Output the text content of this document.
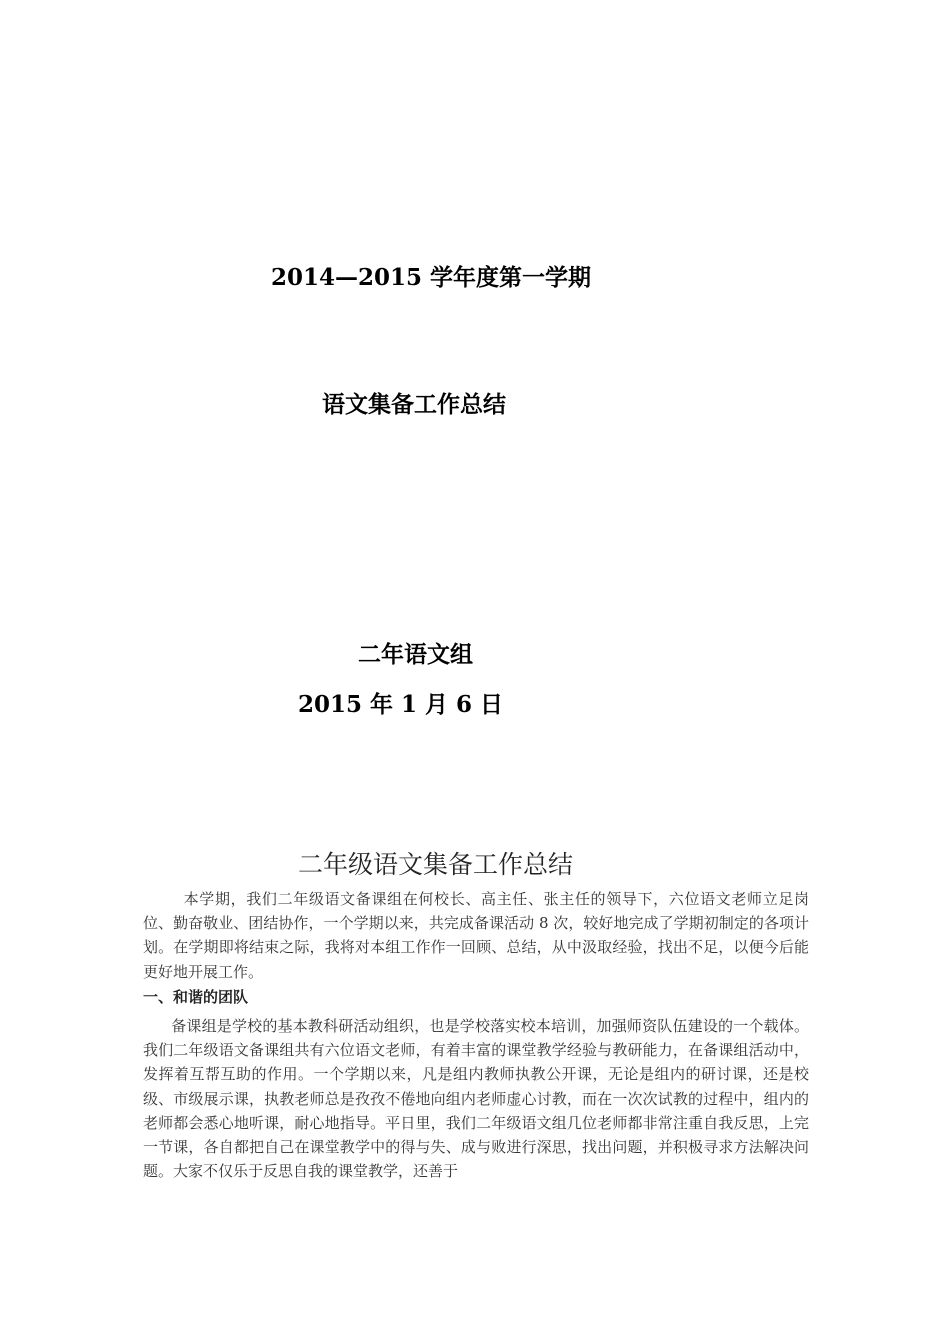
2014—2015 学年度第一学期
语文集备工作总结
二年语文组
2015 年 1 月 6 日
二年级语文集备工作总结
本学期，我们二年级语文备课组在何校长、高主任、张主任的领导下，六位语文老师立足岗位、勤奋敬业、团结协作，一个学期以来，共完成备课活动 8 次，较好地完成了学期初制定的各项计划。在学期即将结束之际，我将对本组工作作一回顾、总结，从中汲取经验，找出不足，以便今后能更好地开展工作。
一、和谐的团队
备课组是学校的基本教科研活动组织，也是学校落实校本培训，加强师资队伍建设的一个载体。我们二年级语文备课组共有六位语文老师，有着丰富的课堂教学经验与教研能力，在备课组活动中，发挥着互帮互助的作用。一个学期以来，凡是组内教师执教公开课，无论是组内的研讨课，还是校级、市级展示课，执教老师总是孜孜不倦地向组内老师虚心讨教，而在一次次试教的过程中，组内的老师都会悉心地听课，耐心地指导。平日里，我们二年级语文组几位老师都非常注重自我反思，上完一节课，各自都把自己在课堂教学中的得与失、成与败进行深思，找出问题，并积极寻求方法解决问题。大家不仅乐于反思自我的课堂教学，还善于
